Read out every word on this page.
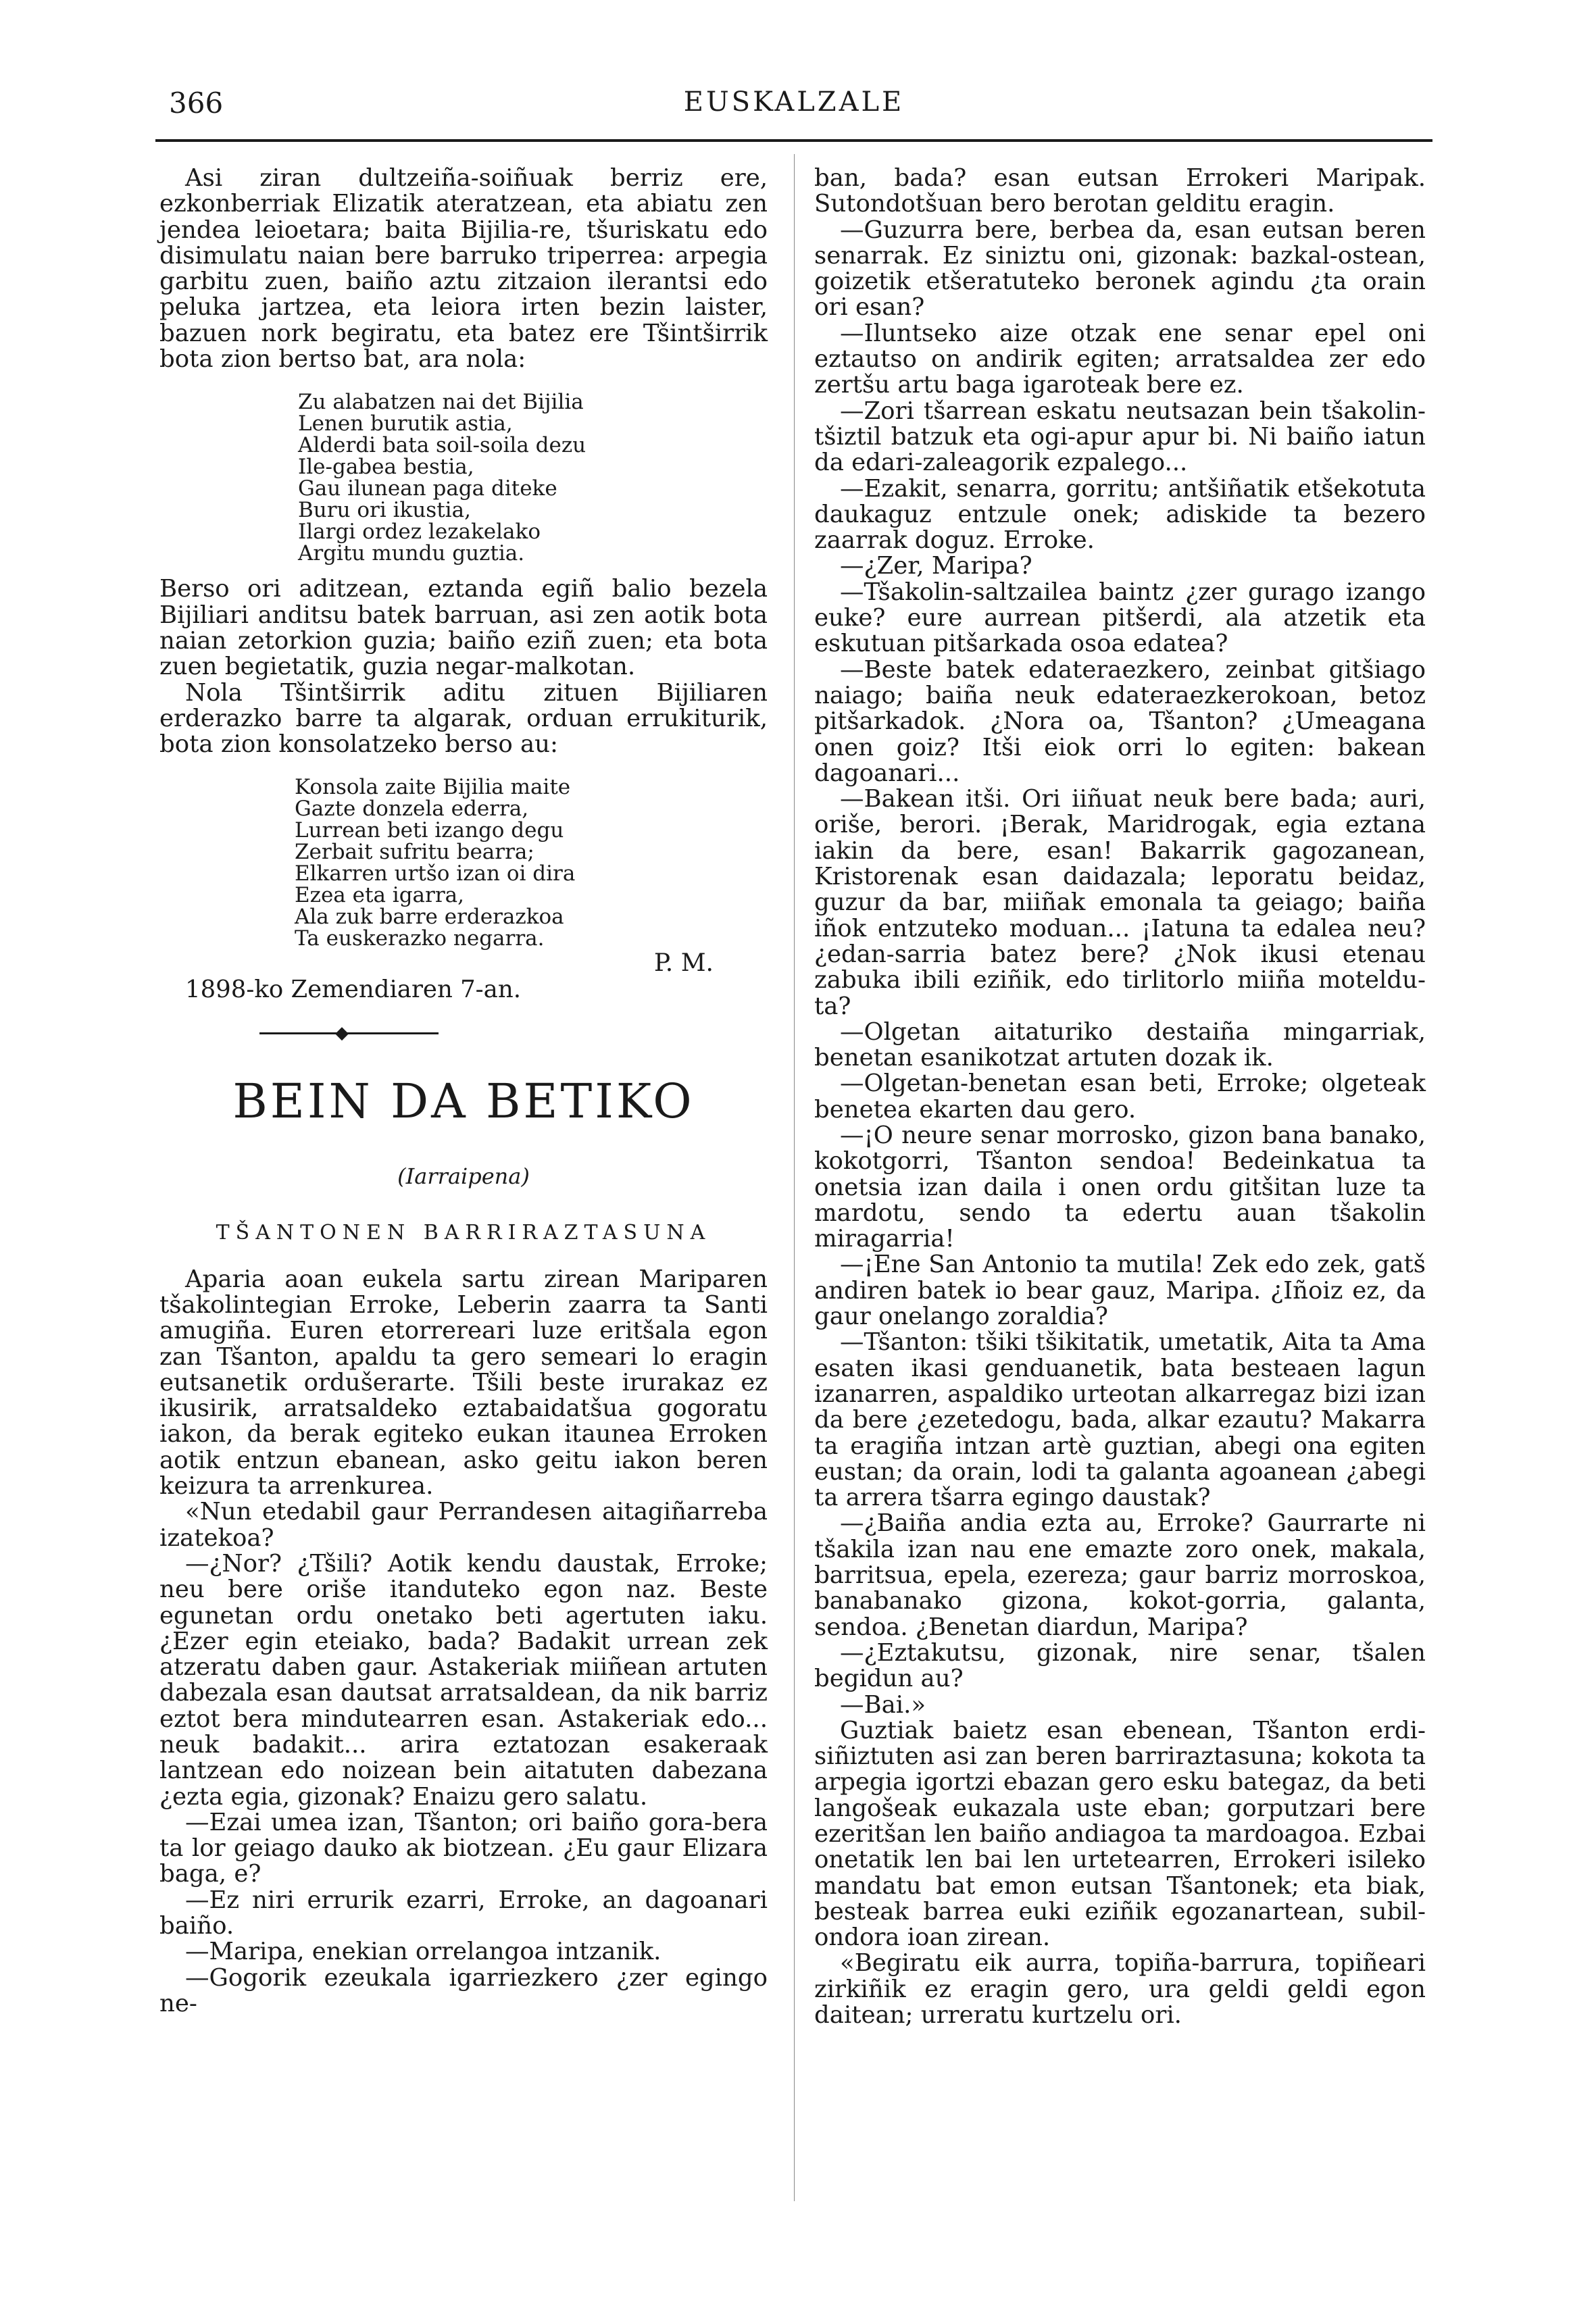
366	EUSKALZALE

Asi ziran dultzeiña-soiñuak berriz ere, ezkonberriak Elizatik ateratzean, eta abiatu zen jendea leioetara; baita Bijilia-re, tšuriskatu edo disimulatu naian bere barruko triperrea: arpegia garbitu zuen, baiño aztu zitzaion ilerantsi edo peluka jartzea, eta leiora irten bezin laister, bazuen nork begiratu, eta batez ere Tšintširrik bota zion bertso bat, ara nola:

Zu alabatzen nai det Bijilia
Lenen burutik astia,
Alderdi bata soil-soila dezu
Ile-gabea bestia,
Gau ilunean paga diteke
Buru ori ikustia,
Ilargi ordez lezakelako
Argitu mundu guztia.

Berso ori aditzean, eztanda egiñ balio bezela Bijiliari anditsu batek barruan, asi zen aotik bota naian zetorkion guzia; baiño eziñ zuen; eta bota zuen begietatik, guzia negar-malkotan.

Nola Tšintširrik aditu zituen Bijiliaren erderazko barre ta algarak, orduan errukiturik, bota zion konsolatzeko berso au:

Konsola zaite Bijilia maite
Gazte donzela ederra,
Lurrean beti izango degu
Zerbait sufritu bearra;
Elkarren urtšo izan oi dira
Ezea eta igarra,
Ala zuk barre erderazkoa
Ta euskerazko negarra.
P. M.

1898-ko Zemendiaren 7-an.

◆
BEIN DA BETIKO
(Iarraipena)
TŠANTONEN BARRIRAZTASUNA

Aparia aoan eukela sartu zirean Mariparen tšakolintegian Erroke, Leberin zaarra ta Santi amugiña. Euren etorrereari luze eritšala egon zan Tšanton, apaldu ta gero semeari lo eragin eutsanetik ordušerarte. Tšili beste irurakaz ez ikusirik, arratsaldeko eztabaidatšua gogoratu iakon, da berak egiteko eukan itaunea Erroken aotik entzun ebanean, asko geitu iakon beren keizura ta arrenkurea.

«Nun etedabil gaur Perrandesen aitagiñarreba izatekoa?

—¿Nor? ¿Tšili? Aotik kendu daustak, Erroke; neu bere oriše itanduteko egon naz. Beste egunetan ordu onetako beti agertuten iaku. ¿Ezer egin eteiako, bada? Badakit urrean zek atzeratu daben gaur. Astakeriak miiñean artuten dabezala esan dautsat arratsaldean, da nik barriz eztot bera mindutearren esan. Astakeriak edo... neuk badakit... arira eztatozan esakeraak lantzean edo noizean bein aitatuten dabezana ¿ezta egia, gizonak? Enaizu gero salatu.

—Ezai umea izan, Tšanton; ori baiño gora-bera ta lor geiago dauko ak biotzean. ¿Eu gaur Elizara baga, e?

—Ez niri errurik ezarri, Erroke, an dagoanari baiño.

—Maripa, enekian orrelangoa intzanik.

—Gogorik ezeukala igarriezkero ¿zer egingo ne-

ban, bada? esan eutsan Errokeri Maripak. Sutondotšuan bero berotan gelditu eragin.

—Guzurra bere, berbea da, esan eutsan beren senarrak. Ez siniztu oni, gizonak: bazkal-ostean, goizetik etšeratuteko beronek agindu ¿ta orain ori esan?

—Iluntseko aize otzak ene senar epel oni eztautso on andirik egiten; arratsaldea zer edo zertšu artu baga igaroteak bere ez.

—Zori tšarrean eskatu neutsazan bein tšakolin-tšiztil batzuk eta ogi-apur apur bi. Ni baiño iatun da edari-zaleagorik ezpalego...

—Ezakit, senarra, gorritu; antšiñatik etšekotuta daukaguz entzule onek; adiskide ta bezero zaarrak doguz. Erroke.

—¿Zer, Maripa?

—Tšakolin-saltzailea baintz ¿zer gurago izango euke? eure aurrean pitšerdi, ala atzetik eta eskutuan pitšarkada osoa edatea?

—Beste batek edateraezkero, zeinbat gitšiago naiago; baiña neuk edateraezkerokoan, betoz pitšarkadok. ¿Nora oa, Tšanton? ¿Umeagana onen goiz? Itši eiok orri lo egiten: bakean dagoanari...

—Bakean itši. Ori iiñuat neuk bere bada; auri, oriše, berori. ¡Berak, Maridrogak, egia eztana iakin da bere, esan! Bakarrik gagozanean, Kristorenak esan daidazala; leporatu beidaz, guzur da bar, miiñak emonala ta geiago; baiña iñok entzuteko moduan... ¡Iatuna ta edalea neu? ¿edan-sarria batez bere? ¿Nok ikusi etenau zabuka ibili eziñik, edo tirlitorlo miiña moteldu-ta?

—Olgetan aitaturiko destaiña mingarriak, benetan esanikotzat artuten dozak ik.

—Olgetan-benetan esan beti, Erroke; olgeteak benetea ekarten dau gero.

—¡O neure senar morrosko, gizon bana banako, kokotgorri, Tšanton sendoa! Bedeinkatua ta onetsia izan daila i onen ordu gitšitan luze ta mardotu, sendo ta edertu auan tšakolin miragarria!

—¡Ene San Antonio ta mutila! Zek edo zek, gatš andiren batek io bear gauz, Maripa. ¿Iñoiz ez, da gaur onelango zoraldia?

—Tšanton: tšiki tšikitatik, umetatik, Aita ta Ama esaten ikasi genduanetik, bata besteaen lagun izanarren, aspaldiko urteotan alkarregaz bizi izan da bere ¿ezetedogu, bada, alkar ezautu? Makarra ta eragiña intzan artè guztian, abegi ona egiten eustan; da orain, lodi ta galanta agoanean ¿abegi ta arrera tšarra egingo daustak?

—¿Baiña andia ezta au, Erroke? Gaurrarte ni tšakila izan nau ene emazte zoro onek, makala, barritsua, epela, ezereza; gaur barriz morroskoa, banabanako gizona, kokot-gorria, galanta, sendoa. ¿Benetan diardun, Maripa?

—¿Eztakutsu, gizonak, nire senar, tšalen begidun au?

—Bai.»

Guztiak baietz esan ebenean, Tšanton erdi-siñiztuten asi zan beren barriraztasuna; kokota ta arpegia igortzi ebazan gero esku bategaz, da beti langošeak eukazala uste eban; gorputzari bere ezeritšan len baiño andiagoa ta mardoagoa. Ezbai onetatik len bai len urtetearren, Errokeri isileko mandatu bat emon eutsan Tšantonek; eta biak, besteak barrea euki eziñik egozanartean, subil-ondora ioan zirean.

«Begiratu eik aurra, topiña-barrura, topiñeari zirkiñik ez eragin gero, ura geldi geldi egon daitean; urreratu kurtzelu ori.
